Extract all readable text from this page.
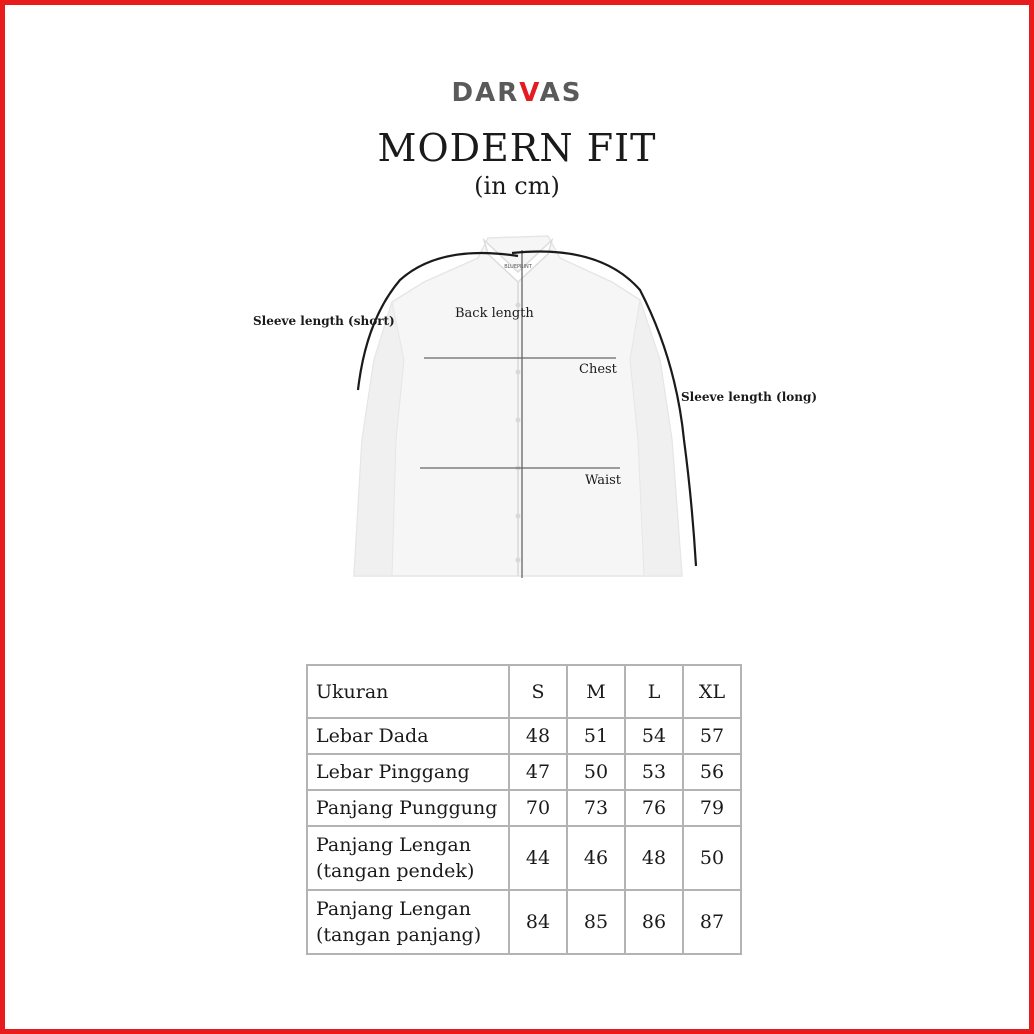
DARVAS
MODERN FIT
(in cm)
BLUEPRINT
Sleeve length (short)	Back length
Chest
Waist
Sleeve length (long)
Ukuran	S	M	L	XL
Lebar Dada	48	51	54	57
Lebar Pinggang	47	50	53	56
Panjang Punggung	70	73	76	79

Panjang Lengan
(tangan pendek)	44	46	48	50

Panjang Lengan
(tangan panjang)	84	85	86	87
